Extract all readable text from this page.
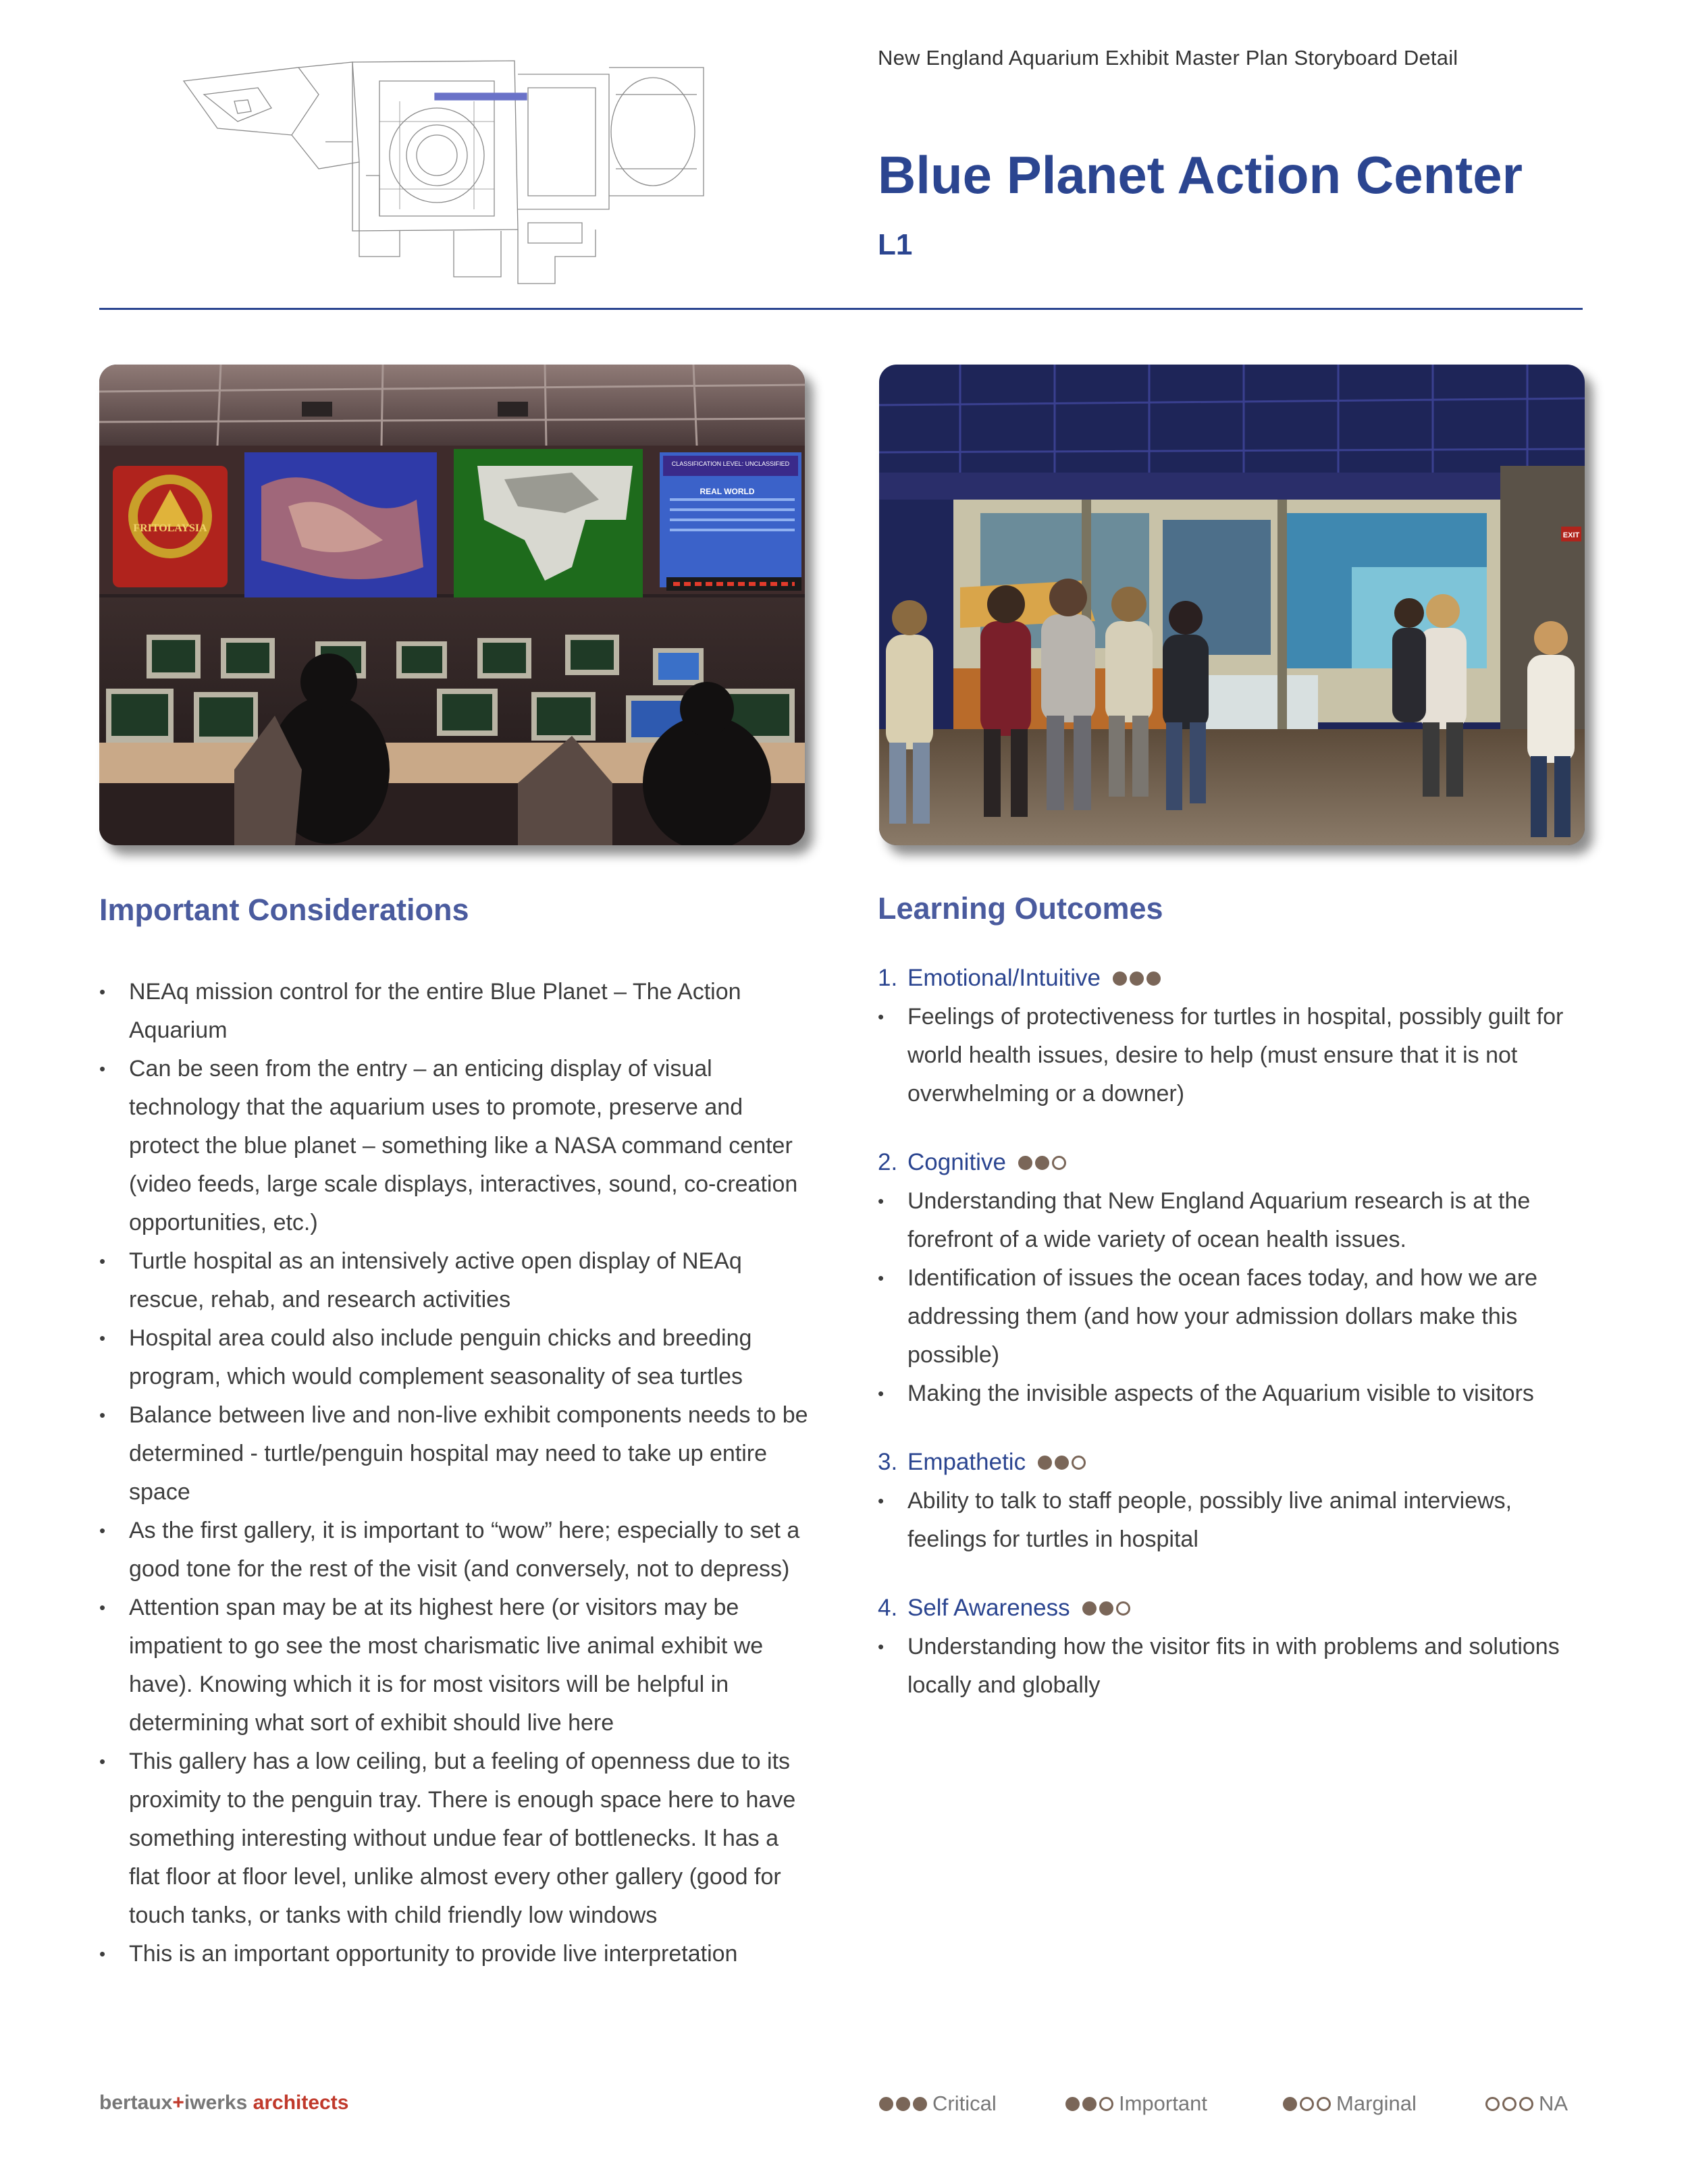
New England Aquarium Exhibit Master Plan Storyboard Detail
Blue Planet Action Center
L1
FRITOLAYSIA
CLASSIFICATION LEVEL: UNCLASSIFIED
REAL WORLD
EXIT
Important Considerations
• NEAq mission control for the entire Blue Planet – The Action Aquarium
• Can be seen from the entry – an enticing display of visual technology that the aquarium uses to promote, preserve and protect the blue planet – something like a NASA command center (video feeds, large scale displays, interactives, sound, co-creation opportunities, etc.)
• Turtle hospital as an intensively active open display of NEAq rescue, rehab, and research activities
• Hospital area could also include penguin chicks and breeding program, which would complement seasonality of sea turtles
• Balance between live and non-live exhibit components needs to be determined - turtle/penguin hospital may need to take up entire space
• As the first gallery, it is important to “wow” here; especially to set a good tone for the rest of the visit (and conversely, not to depress)
• Attention span may be at its highest here (or visitors may be impatient to go see the most charismatic live animal exhibit we have). Knowing which it is for most visitors will be helpful in determining what sort of exhibit should live here
• This gallery has a low ceiling, but a feeling of openness due to its proximity to the penguin tray. There is enough space here to have something interesting without undue fear of bottlenecks. It has a flat floor at floor level, unlike almost every other gallery (good for touch tanks, or tanks with child friendly low windows
• This is an important opportunity to provide live interpretation
Learning Outcomes
1. Emotional/Intuitive
• Feelings of protectiveness for turtles in hospital, possibly guilt for world health issues, desire to help (must ensure that it is not overwhelming or a downer)
2. Cognitive
• Understanding that New England Aquarium research is at the forefront of a wide variety of ocean health issues.
• Identification of issues the ocean faces today, and how we are addressing them (and how your admission dollars make this possible)
• Making the invisible aspects of the Aquarium visible to visitors
3. Empathetic
• Ability to talk to staff people, possibly live animal interviews, feelings for turtles in hospital
4. Self Awareness
• Understanding how the visitor fits in with problems and solutions locally and globally
bertaux+iwerks architects	Critical	Important	Marginal	NA
